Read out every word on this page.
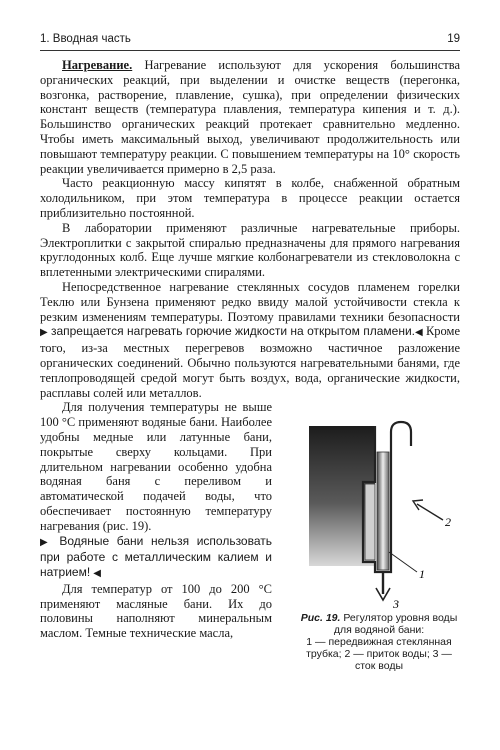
1. Вводная часть	19

Нагревание. Нагревание используют для ускорения большинства органических реакций, при выделении и очистке веществ (перегонка, возгонка, растворение, плавление, сушка), при определении физических констант веществ (температура плавления, температура кипения и т. д.). Большинство органических реакций протекает сравнительно медленно. Чтобы иметь максимальный выход, увеличивают продолжительность или повышают температуру реакции. С повышением температуры на 10° скорость реакции увеличивается примерно в 2,5 раза.

Часто реакционную массу кипятят в колбе, снабженной обратным холодильником, при этом температура в процессе реакции остается приблизительно постоянной.

В лаборатории применяют различные нагревательные приборы. Электроплитки с закрытой спиралью предназначены для прямого нагревания круглодонных колб. Еще лучше мягкие колбонагреватели из стекловолокна с вплетенными электрическими спиралями.

Непосредственное нагревание стеклянных сосудов пламенем горелки Теклю или Бунзена применяют редко ввиду малой устойчивости стекла к резким изменениям температуры. Поэтому правилами техники безопасности ▶ запрещается нагревать горючие жидкости на открытом пламени.◀ Кроме того, из-за местных перегревов возможно частичное разложение органических соединений. Обычно пользуются нагревательными банями, где теплопроводящей средой могут быть воздух, вода, органические жидкости, расплавы солей или металлов.

Для получения температуры не выше 100 °С применяют водяные бани. Наиболее удобны медные или латунные бани, покрытые сверху кольцами. При длительном нагревании особенно удобна водяная баня с переливом и автоматической подачей воды, что обеспечивает постоянную температуру нагревания (рис. 19).
▶ Водяные бани нельзя использовать при работе с металлическим калием и натрием! ◀

Для температур от 100 до 200 °С применяют масляные бани. Их до половины наполняют минеральным маслом. Темные технические масла,

1
2
3
Рис. 19. Регулятор уровня воды для водяной бани:
1 — передвижная стеклянная трубка; 2 — приток воды; 3 — сток воды
